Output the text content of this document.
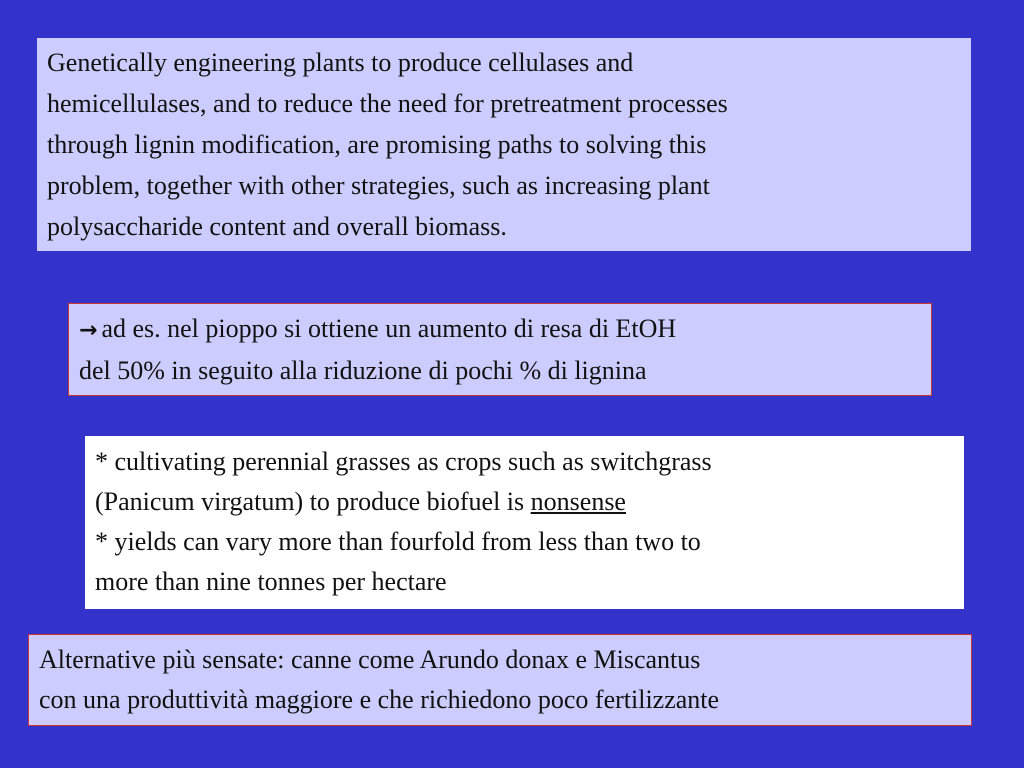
Genetically engineering plants to produce cellulases and
hemicellulases, and to reduce the need for pretreatment processes
through lignin modification, are promising paths to solving this
problem, together with other strategies, such as increasing plant
polysaccharide content and overall biomass.
→ ad es. nel pioppo si ottiene un aumento di resa di EtOH
del 50% in seguito alla riduzione di pochi % di lignina
* cultivating perennial grasses as crops such as switchgrass
(Panicum virgatum) to produce biofuel is nonsense
* yields can vary more than fourfold from less than two to
more than nine tonnes per hectare
Alternative più sensate: canne come Arundo donax e Miscantus
con una produttività maggiore e che richiedono poco fertilizzante
